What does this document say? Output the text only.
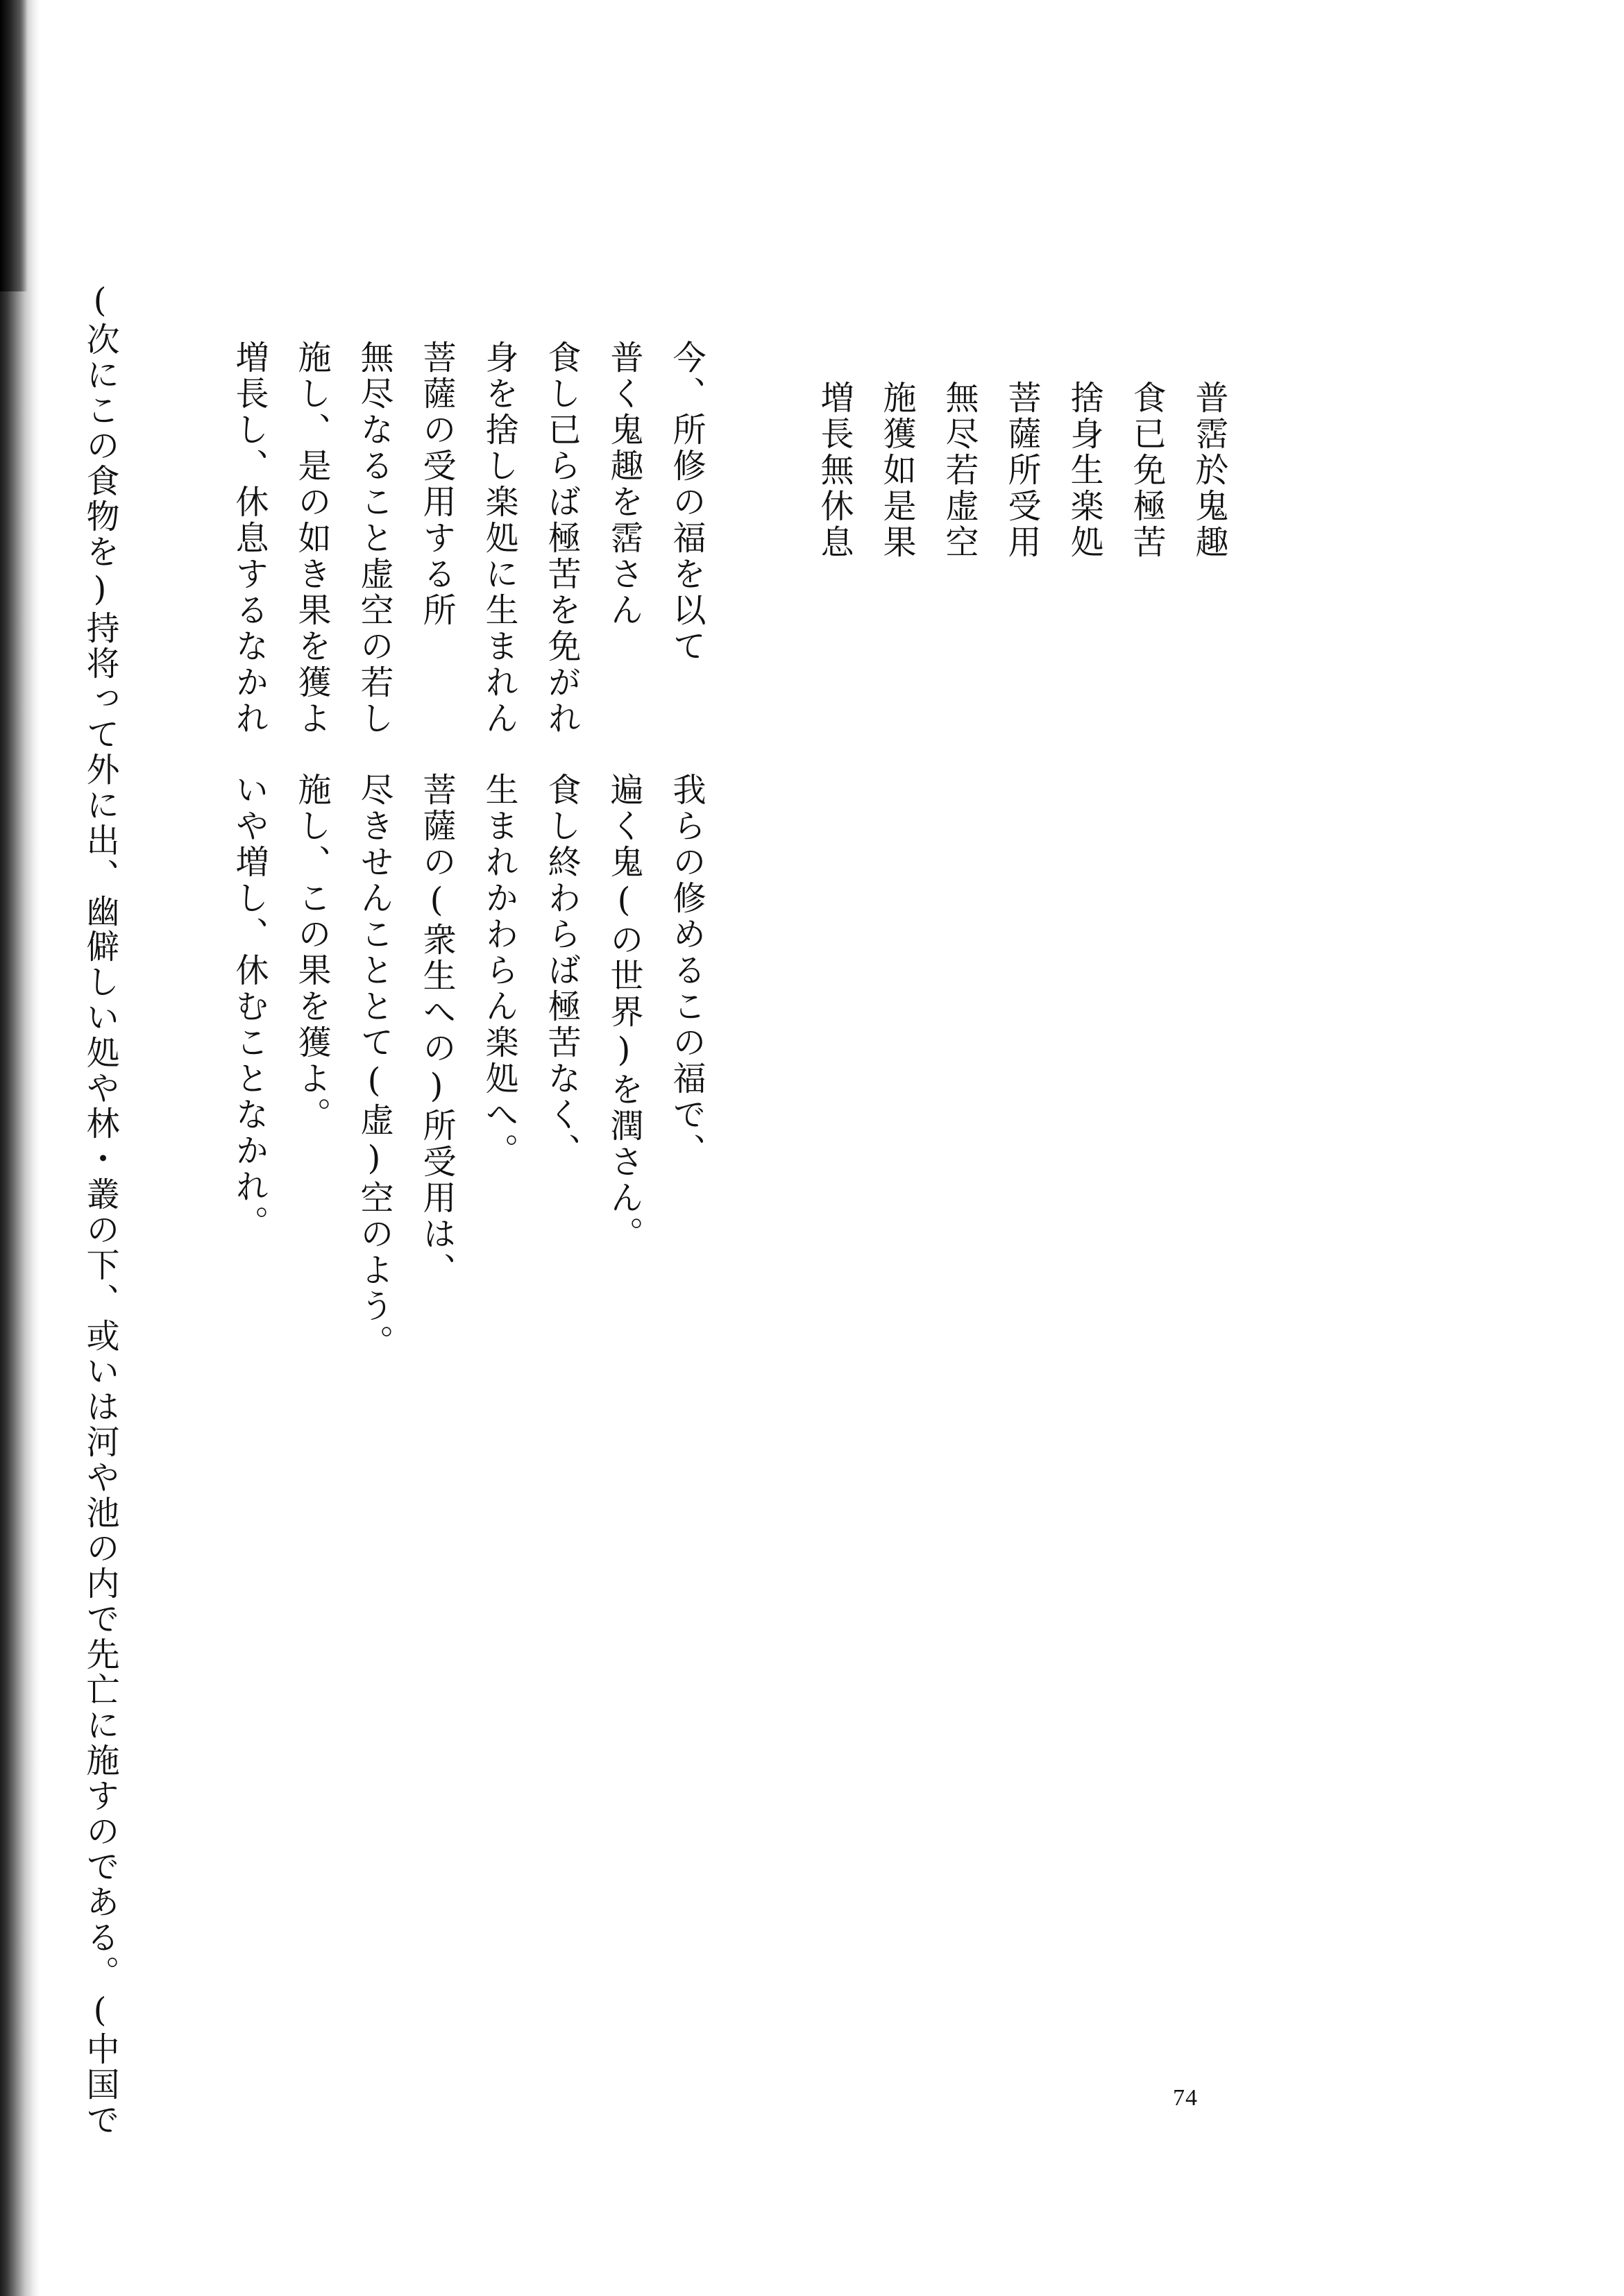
普霑於鬼趣
食已免極苦
捨身生楽処
菩薩所受用
無尽若虚空
施獲如是果
増長無休息
今、所修の福を以て
普く鬼趣を霑さん
食し已らば極苦を免がれ
身を捨し楽処に生まれん
菩薩の受用する所
無尽なること虚空の若し
施し、是の如き果を獲よ
増長し、休息するなかれ
我らの修めるこの福で、
遍く鬼(の世界)を潤さん。
食し終わらば極苦なく、
生まれかわらん楽処へ。
菩薩の(衆生への)所受用は、
尽きせんこととて(虚)空のよう。
施し、この果を獲よ。
いや増し、休むことなかれ。
(次にこの食物を)持将って外に出、幽僻しい処や林・叢の下、或いは河や池の内で先亡に施すのである。(中国で	74
